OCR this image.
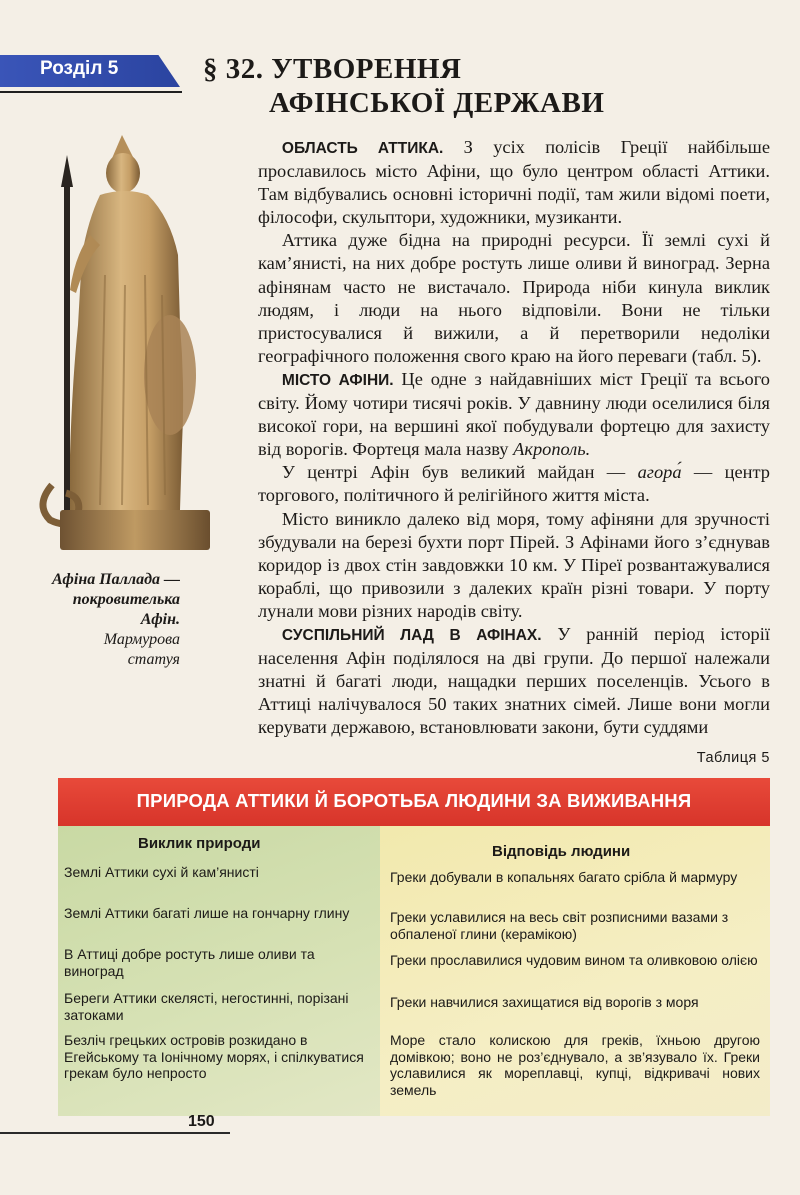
Розділ 5	§ 32. УТВОРЕННЯ
АФІНСЬКОЇ ДЕРЖАВИ
Афіна Паллада —
покровителька
Афін.
Мармурова
статуя

ОБЛАСТЬ АТТИКА. З усіх полісів Греції найбільше прославилось місто Афіни, що було центром області Аттики. Там відбувались основні історичні події, там жили відомі поети, філософи, скульптори, художники, музиканти.

Аттика дуже бідна на природні ресурси. Її землі сухі й кам’янисті, на них добре ростуть лише оливи й виноград. Зерна афінянам часто не вистачало. Природа ніби кинула виклик людям, і люди на нього відповіли. Вони не тільки пристосувалися й вижили, а й перетворили недоліки географічного положення свого краю на його переваги (табл. 5).

МІСТО АФІНИ. Це одне з найдавніших міст Греції та всього світу. Йому чотири тисячі років. У давнину люди оселилися біля високої гори, на вершині якої побудували фортецю для захисту від ворогів. Фортеця мала назву Акрополь.

У центрі Афін був великий майдан — агора́ — центр торгового, політичного й релігійного життя міста.

Місто виникло далеко від моря, тому афіняни для зручності збудували на березі бухти порт Пірей. З Афінами його з’єднував коридор із двох стін завдовжки 10 км. У Піреї розвантажувалися кораблі, що привозили з далеких країн різні товари. У порту лунали мови різних народів світу.

СУСПІЛЬНИЙ ЛАД В АФІНАХ. У ранній період історії населення Афін поділялося на дві групи. До першої належали знатні й багаті люди, нащадки перших поселенців. Усього в Аттиці налічувалося 50 таких знатних сімей. Лише вони могли керувати державою, встановлювати закони, бути суддями

Таблиця 5
ПРИРОДА АТТИКИ Й БОРОТЬБА ЛЮДИНИ ЗА ВИЖИВАННЯ
Виклик природи	Відповідь людини
Землі Аттики сухі й кам’янисті
Землі Аттики багаті лише на гончарну глину
В Аттиці добре ростуть лише оливи та виноград
Береги Аттики скелясті, негостинні, порізані затоками
Безліч грецьких островів розкидано в Егейському та Іонічному морях, і спілкуватися грекам було непросто
Греки добували в копальнях багато срібла й мармуру
Греки уславилися на весь світ розписними вазами з обпаленої глини (керамікою)
Греки прославилися чудовим вином та оливковою олією
Греки навчилися захищатися від ворогів з моря
Море стало колискою для греків, їхньою другою домівкою; воно не роз’єднувало, а зв’язувало їх. Греки уславилися як мореплавці, купці, відкривачі нових земель
150
